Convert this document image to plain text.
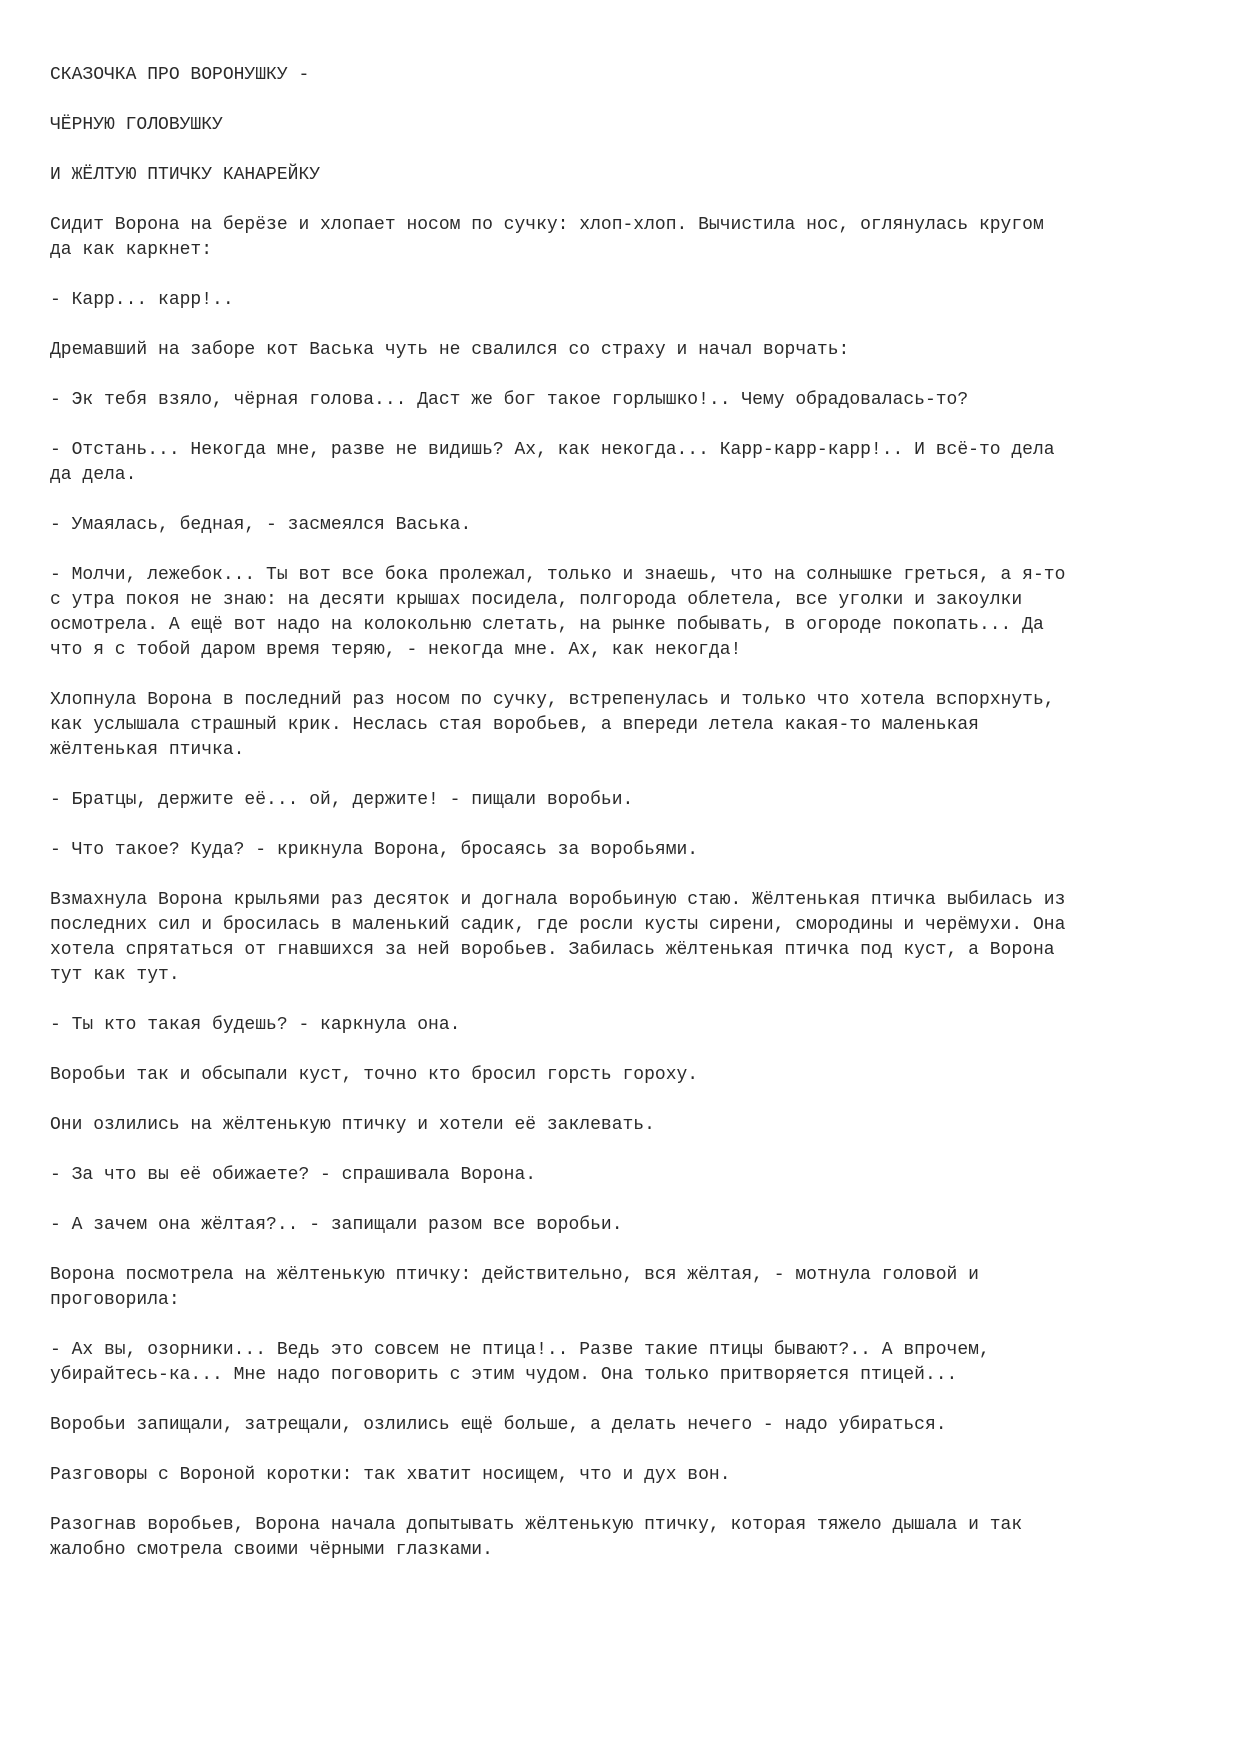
СКАЗОЧКА ПРО ВОРОНУШКУ -
ЧЁРНУЮ ГОЛОВУШКУ
И ЖЁЛТУЮ ПТИЧКУ КАНАРЕЙКУ

Сидит Ворона на берёзе и хлопает носом по сучку: хлоп-хлоп. Вычистила нос, оглянулась кругом да как каркнет:

- Карр... карр!..

Дремавший на заборе кот Васька чуть не свалился со страху и начал ворчать:

- Эк тебя взяло, чёрная голова... Даст же бог такое горлышко!.. Чему обрадовалась-то?

- Отстань... Некогда мне, разве не видишь? Ах, как некогда... Карр-карр-карр!.. И всё-то дела да дела.

- Умаялась, бедная, - засмеялся Васька.

- Молчи, лежебок... Ты вот все бока пролежал, только и знаешь, что на солнышке греться, а я-то с утра покоя не знаю: на десяти крышах посидела, полгорода облетела, все уголки и закоулки осмотрела. А ещё вот надо на колокольню слетать, на рынке побывать, в огороде покопать... Да что я с тобой даром время теряю, - некогда мне. Ах, как некогда!

Хлопнула Ворона в последний раз носом по сучку, встрепенулась и только что хотела вспорхнуть, как услышала страшный крик. Неслась стая воробьев, а впереди летела какая-то маленькая жёлтенькая птичка.

- Братцы, держите её... ой, держите! - пищали воробьи.

- Что такое? Куда? - крикнула Ворона, бросаясь за воробьями.

Взмахнула Ворона крыльями раз десяток и догнала воробьиную стаю. Жёлтенькая птичка выбилась из последних сил и бросилась в маленький садик, где росли кусты сирени, смородины и черёмухи. Она хотела спрятаться от гнавшихся за ней воробьев. Забилась жёлтенькая птичка под куст, а Ворона тут как тут.

- Ты кто такая будешь? - каркнула она.

Воробьи так и обсыпали куст, точно кто бросил горсть гороху.

Они озлились на жёлтенькую птичку и хотели её заклевать.

- За что вы её обижаете? - спрашивала Ворона.

- А зачем она жёлтая?.. - запищали разом все воробьи.

Ворона посмотрела на жёлтенькую птичку: действительно, вся жёлтая, - мотнула головой и проговорила:

- Ах вы, озорники... Ведь это совсем не птица!.. Разве такие птицы бывают?.. А впрочем, убирайтесь-ка... Мне надо поговорить с этим чудом. Она только притворяется птицей...

Воробьи запищали, затрещали, озлились ещё больше, а делать нечего - надо убираться.

Разговоры с Вороной коротки: так хватит носищем, что и дух вон.

Разогнав воробьев, Ворона начала допытывать жёлтенькую птичку, которая тяжело дышала и так жалобно смотрела своими чёрными глазками.
